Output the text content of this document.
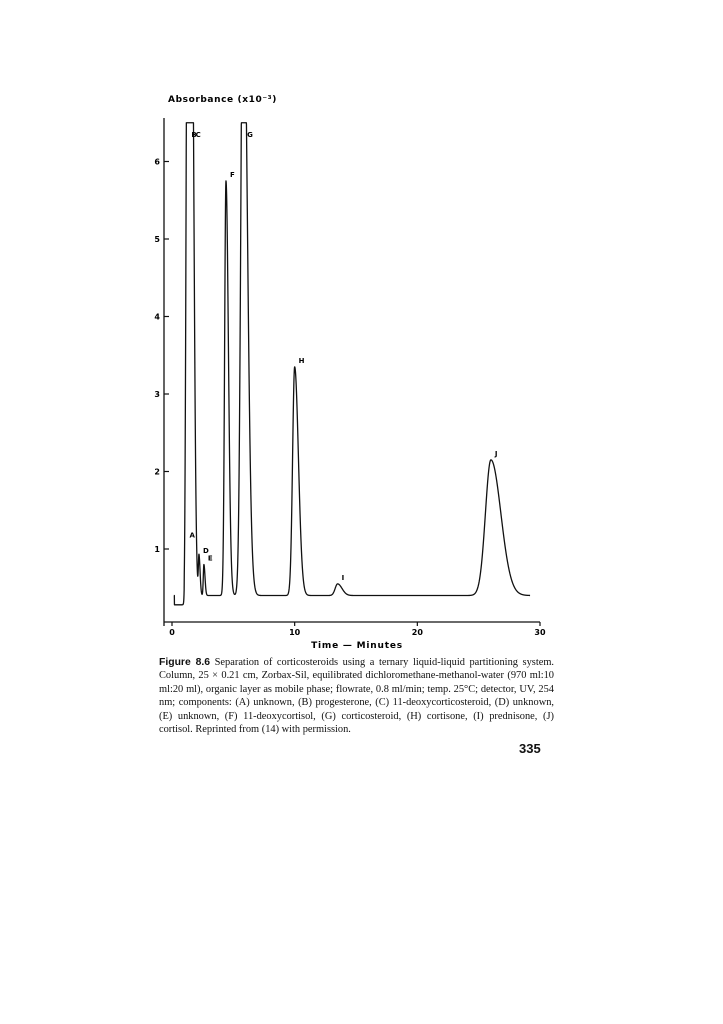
Absorbance (x10⁻³)
1
2
3
4
5
6
0	10	20	30
A
B
C
D
E
F
G
H
I
J
Time — Minutes
Figure 8.6 Separation of corticosteroids using a ternary liquid-liquid partitioning system. Column, 25 × 0.21 cm, Zorbax-Sil, equilibrated dichloromethane-methanol-water (970 ml:10 ml:20 ml), organic layer as mobile phase; flowrate, 0.8 ml/min; temp. 25°C; detector, UV, 254 nm; components: (A) unknown, (B) progesterone, (C) 11-deoxycorticosteroid, (D) unknown, (E) unknown, (F) 11-deoxycortisol, (G) corticosteroid, (H) cortisone, (I) prednisone, (J) cortisol. Reprinted from (14) with permission.
335
